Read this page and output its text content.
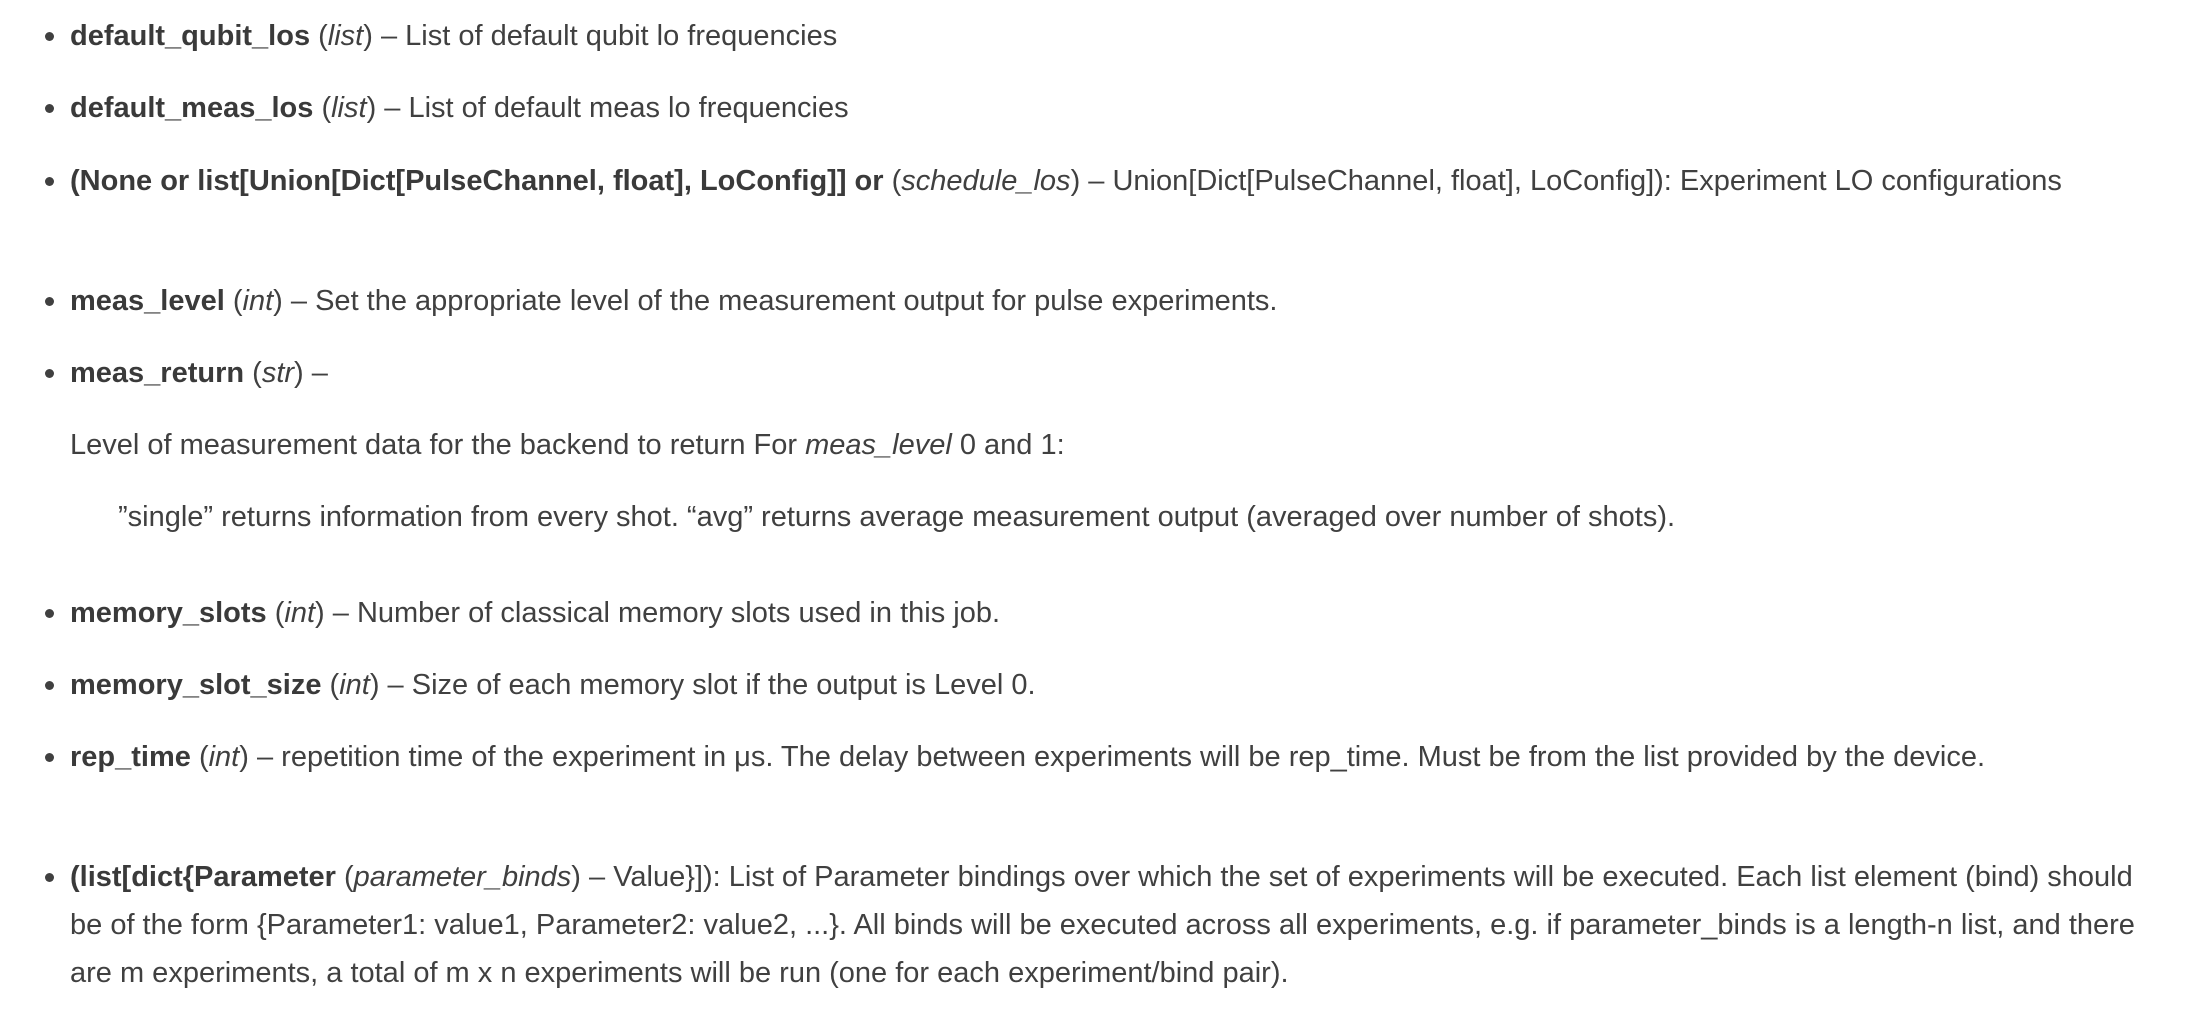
default_qubit_los (list) – List of default qubit lo frequencies
default_meas_los (list) – List of default meas lo frequencies
(None or list[Union[Dict[PulseChannel, float], LoConfig]] or (schedule_los) – Union[Dict[PulseChannel, float], LoConfig]): Experiment LO configurations
meas_level (int) – Set the appropriate level of the measurement output for pulse experiments.
meas_return (str) –
Level of measurement data for the backend to return For meas_level 0 and 1:
”single” returns information from every shot. “avg” returns average measurement output (averaged over number of shots).
memory_slots (int) – Number of classical memory slots used in this job.
memory_slot_size (int) – Size of each memory slot if the output is Level 0.
rep_time (int) – repetition time of the experiment in μs. The delay between experiments will be rep_time. Must be from the list provided by the device.
(list[dict{Parameter (parameter_binds) – Value}]): List of Parameter bindings over which the set of experiments will be executed. Each list element (bind) should be of the form {Parameter1: value1, Parameter2: value2, ...}. All binds will be executed across all experiments, e.g. if parameter_binds is a length-n list, and there are m experiments, a total of m x n experiments will be run (one for each experiment/bind pair).
